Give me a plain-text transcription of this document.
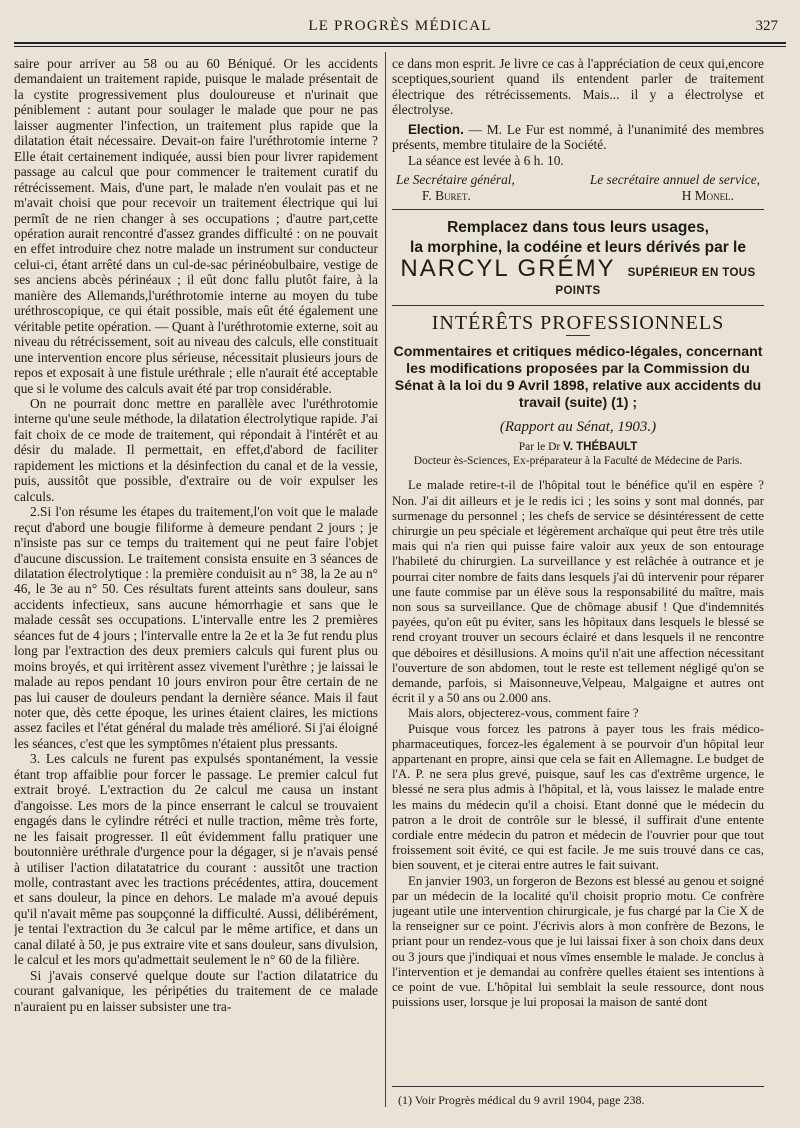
LE PROGRÈS MÉDICAL	327

saire pour arriver au 58 ou au 60 Béniqué. Or les accidents demandaient un traitement rapide, puisque le malade présentait de la cystite progressivement plus douloureuse et n'urinait que péniblement : autant pour soulager le malade que pour ne pas laisser augmenter l'infection, un traitement plus rapide que la dilatation était nécessaire. Devait-on faire l'uréthrotomie interne ? Elle était certainement indiquée, aussi bien pour livrer rapidement passage au calcul que pour commencer le traitement curatif du rétrécissement. Mais, d'une part, le malade n'en voulait pas et ne m'avait choisi que pour recevoir un traitement électrique qui lui permît de ne rien changer à ses occupations ; d'autre part,cette opération aurait rencontré d'assez grandes difficulté : on ne pouvait en effet introduire chez notre malade un instrument sur conducteur celui-ci, étant arrêté dans un cul-de-sac périnéobulbaire, vestige de ses anciens abcès périnéaux ; il eût donc fallu plutôt faire, à la manière des Allemands,l'uréthrotomie interne au moyen du tube uréthroscopique, ce qui était possible, mais eût été également une véritable petite opération. — Quant à l'uréthrotomie externe, soit au niveau du rétrécissement, soit au niveau des calculs, elle constituait une intervention encore plus sérieuse, nécessitait plusieurs jours de repos et exposait à une fistule uréthrale ; elle n'aurait été acceptable que si le volume des calculs avait été par trop considérable.

On ne pourrait donc mettre en parallèle avec l'uréthrotomie interne qu'une seule méthode, la dilatation électrolytique rapide. J'ai fait choix de ce mode de traitement, qui répondait à l'intérêt et au désir du malade. Il permettait, en effet,d'abord de faciliter rapidement les mictions et la désinfection du canal et de la vessie, puis, aussitôt que possible, d'extraire ou de voir expulser les calculs.

2.Si l'on résume les étapes du traitement,l'on voit que le malade reçut d'abord une bougie filiforme à demeure pendant 2 jours ; je n'insiste pas sur ce temps du traitement qui ne peut faire l'objet d'aucune discussion. Le traitement consista ensuite en 3 séances de dilatation électrolytique : la première conduisit au n° 38, la 2e au n° 46, le 3e au n° 50. Ces résultats furent atteints sans douleur, sans accidents infectieux, sans aucune hémorrhagie et sans que le malade cessât ses occupations. L'intervalle entre les 2 premières séances fut de 4 jours ; l'intervalle entre la 2e et la 3e fut rendu plus long par l'extraction des deux premiers calculs qui furent plus ou moins broyés, et qui irritèrent assez vivement l'urèthre ; je laissai le malade au repos pendant 10 jours environ pour être certain de ne pas lui causer de douleurs pendant la dernière séance. Mais il faut noter que, dès cette époque, les urines étaient claires, les mictions assez faciles et l'état général du malade très amélioré. Si j'ai éloigné les séances, c'est que les symptômes n'étaient plus pressants.

3. Les calculs ne furent pas expulsés spontanément, la vessie étant trop affaiblie pour forcer le passage. Le premier calcul fut extrait broyé. L'extraction du 2e calcul me causa un instant d'angoisse. Les mors de la pince enserrant le calcul se trouvaient engagés dans le cylindre rétréci et nulle traction, même très forte, ne les faisait progresser. Il eût évidemment fallu pratiquer une boutonnière uréthrale d'urgence pour la dégager, si je n'avais pensé à utiliser l'action dilatatatrice du courant : aussitôt une traction molle, contrastant avec les tractions précédentes, attira, doucement et sans douleur, la pince en dehors. Le malade m'a avoué depuis qu'il n'avait même pas soupçonné la difficulté. Aussi, délibérément, je tentai l'extraction du 3e calcul par le même artifice, et dans un canal dilaté à 50, je pus extraire vite et sans douleur, sans divulsion, le calcul et les mors qu'admettait seulement le n° 60 de la filière.

Si j'avais conservé quelque doute sur l'action dilatatrice du courant galvanique, les péripéties du traitement de ce malade n'auraient pu en laisser subsister une tra-

ce dans mon esprit. Je livre ce cas à l'appréciation de ceux qui,encore sceptiques,sourient quand ils entendent parler de traitement électrique des rétrécissements. Mais... il y a électrolyse et électrolyse.

Election. — M. Le Fur est nommé, à l'unanimité des membres présents, membre titulaire de la Société.

La séance est levée à 6 h. 10.

Le Secrétaire général,	Le secrétaire annuel de service,
F. Buret.	H Monel.
Remplacez dans tous leurs usages,
la morphine, la codéine et leurs dérivés par le
NARCYL GRÉMY SUPÉRIEUR EN TOUS POINTS
INTÉRÊTS PROFESSIONNELS
Commentaires et critiques médico-légales, concernant les modifications proposées par la Commission du Sénat à la loi du 9 Avril 1898, relative aux accidents du travail (suite) (1) ;
(Rapport au Sénat, 1903.)
Par le Dr V. THÉBAULT
Docteur ès-Sciences, Ex-préparateur à la Faculté de Médecine de Paris.

Le malade retire-t-il de l'hôpital tout le bénéfice qu'il en espère ? Non. J'ai dit ailleurs et je le redis ici ; les soins y sont mal donnés, par surmenage du personnel ; les chefs de service se désintéressent de cette chirurgie un peu spéciale et légèrement archaïque qui peut être très utile mais qui n'a rien qui puisse faire valoir aux yeux de son entourage l'habileté du chirurgien. La surveillance y est relâchée à outrance et je pourrai citer nombre de faits dans lesquels j'ai dû intervenir pour réparer une faute commise par un élève sous la responsabilité du maître, mais non sous sa surveillance. Que de chômage abusif ! Que d'indemnités payées, qu'on eût pu éviter, sans les hôpitaux dans lesquels le blessé se rend croyant trouver un secours éclairé et dans lesquels il ne rencontre que déboires et désillusions. A moins qu'il n'ait une affection nécessitant l'ouverture de son abdomen, tout le reste est tellement négligé qu'on se demande, parfois, si Maisonneuve,Velpeau, Malgaigne et autres ont écrit il y a 50 ans ou 2.000 ans.

Mais alors, objecterez-vous, comment faire ?

Puisque vous forcez les patrons à payer tous les frais médico-pharmaceutiques, forcez-les également à se pourvoir d'un hôpital leur appartenant en propre, ainsi que cela se fait en Allemagne. Le budget de l'A. P. ne sera plus grevé, puisque, sauf les cas d'extrême urgence, le blessé ne sera plus admis à l'hôpital, et là, vous laissez le malade entre les mains du médecin qu'il a choisi. Etant donné que le médecin du patron a le droit de contrôle sur le blessé, il suffirait d'une entente cordiale entre médecin du patron et médecin de l'ouvrier pour que tout froissement soit évité, ce qui est facile. Je me suis trouvé dans ce cas, bien souvent, et je citerai entre autres le fait suivant.

En janvier 1903, un forgeron de Bezons est blessé au genou et soigné par un médecin de la localité qu'il choisit proprio motu. Ce confrère jugeant utile une intervention chirurgicale, je fus chargé par la Cie X de la renseigner sur ce point. J'écrivis alors à mon confrère de Bezons, le priant pour un rendez-vous que je lui laissai fixer à son choix dans deux ou 3 jours que j'indiquai et nous vîmes ensemble le malade. Je conclus à l'intervention et je demandai au confrère quelles étaient ses intentions à ce point de vue. L'hôpital lui semblait la seule ressource, dont nous puissions user, lorsque je lui proposai la maison de santé dont

(1) Voir Progrès médical du 9 avril 1904, page 238.
